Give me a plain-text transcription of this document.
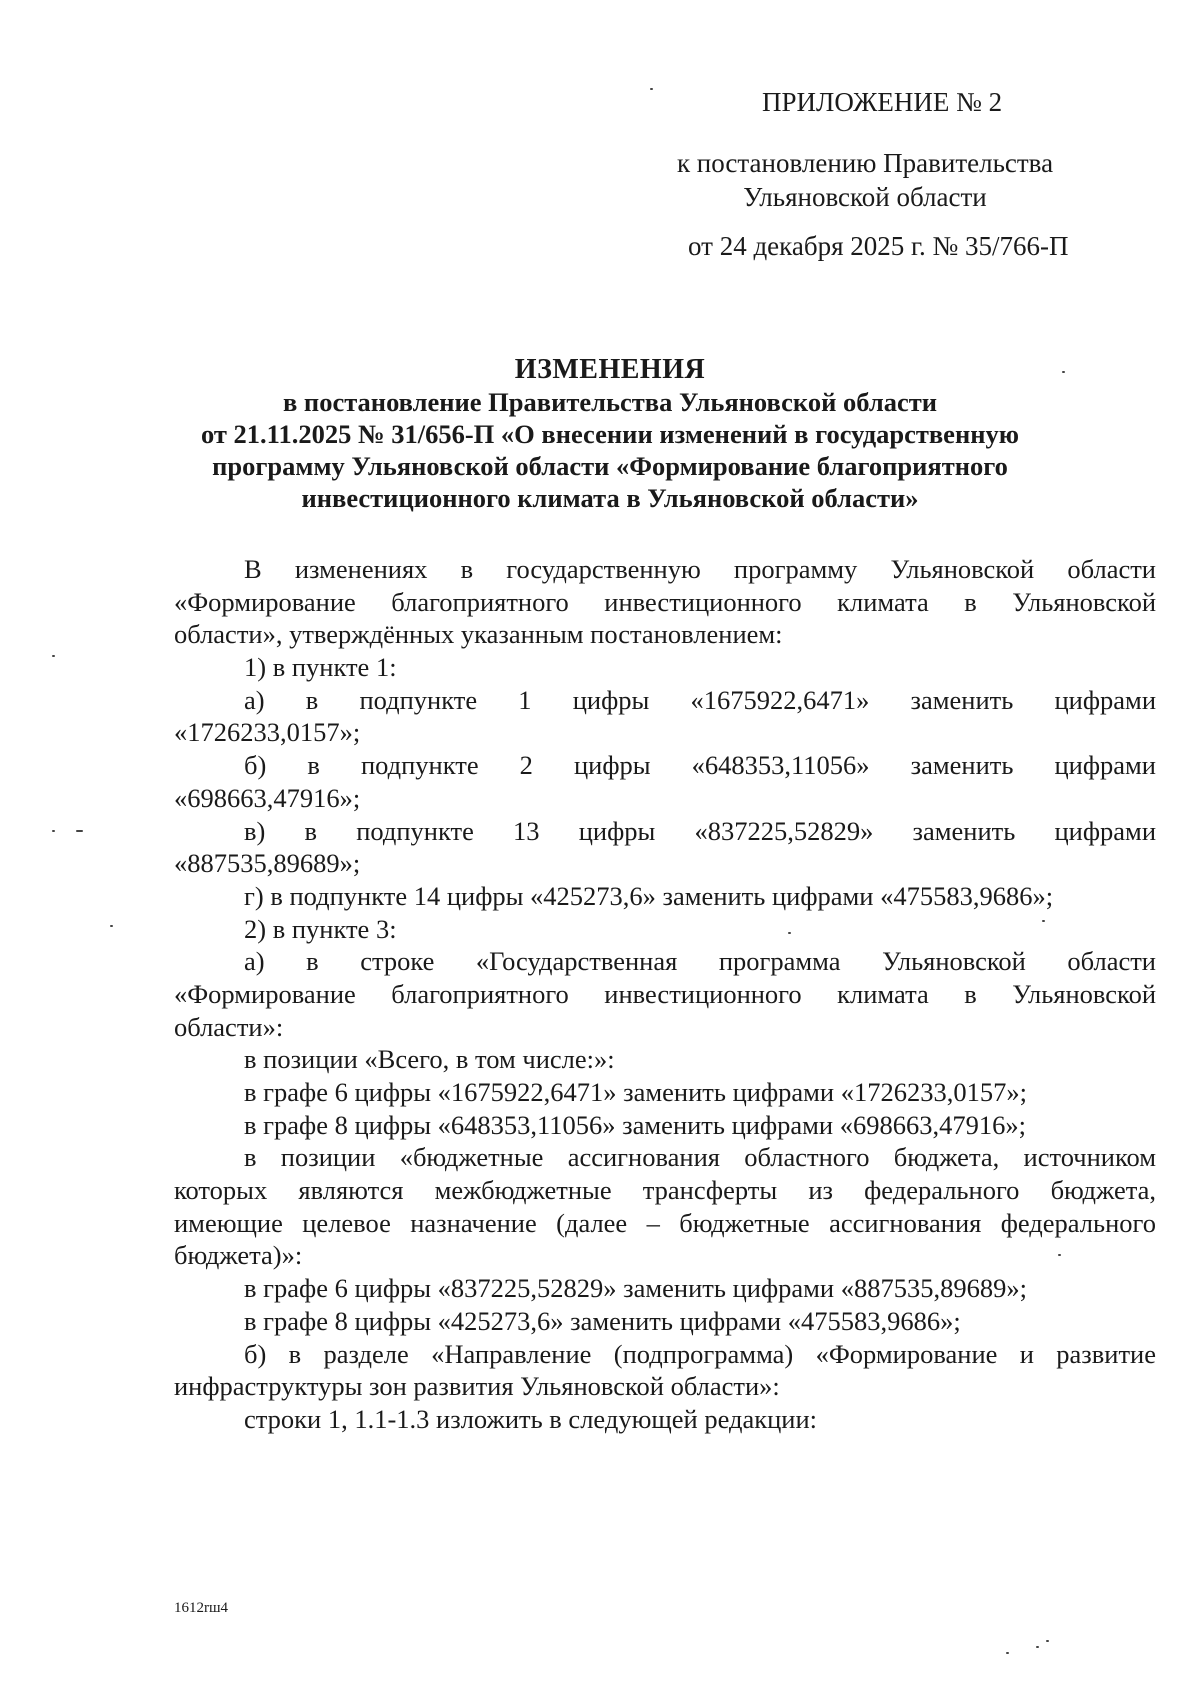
ПРИЛОЖЕНИЕ № 2
к постановлению Правительства
Ульяновской области
от 24 декабря 2025 г. № 35/766-П
ИЗМЕНЕНИЯ
в постановление Правительства Ульяновской области
от 21.11.2025 № 31/656-П «О внесении изменений в государственную
программу Ульяновской области «Формирование благоприятного
инвестиционного климата в Ульяновской области»
В изменениях в государственную программу Ульяновской области
«Формирование благоприятного инвестиционного климата в Ульяновской
области», утверждённых указанным постановлением:
1) в пункте 1:
а) в подпункте 1 цифры «1675922,6471» заменить цифрами
«1726233,0157»;
б) в подпункте 2 цифры «648353,11056» заменить цифрами
«698663,47916»;
в) в подпункте 13 цифры «837225,52829» заменить цифрами
«887535,89689»;
г) в подпункте 14 цифры «425273,6» заменить цифрами «475583,9686»;
2) в пункте 3:
а) в строке «Государственная программа Ульяновской области
«Формирование благоприятного инвестиционного климата в Ульяновской
области»:
в позиции «Всего, в том числе:»:
в графе 6 цифры «1675922,6471» заменить цифрами «1726233,0157»;
в графе 8 цифры «648353,11056» заменить цифрами «698663,47916»;
в позиции «бюджетные ассигнования областного бюджета, источником
которых являются межбюджетные трансферты из федерального бюджета,
имеющие целевое назначение (далее – бюджетные ассигнования федерального
бюджета)»:
в графе 6 цифры «837225,52829» заменить цифрами «887535,89689»;
в графе 8 цифры «425273,6» заменить цифрами «475583,9686»;
б) в разделе «Направление (подпрограмма) «Формирование и развитие
инфраструктуры зон развития Ульяновской области»:
строки 1, 1.1-1.3 изложить в следующей редакции:
1612rш4
